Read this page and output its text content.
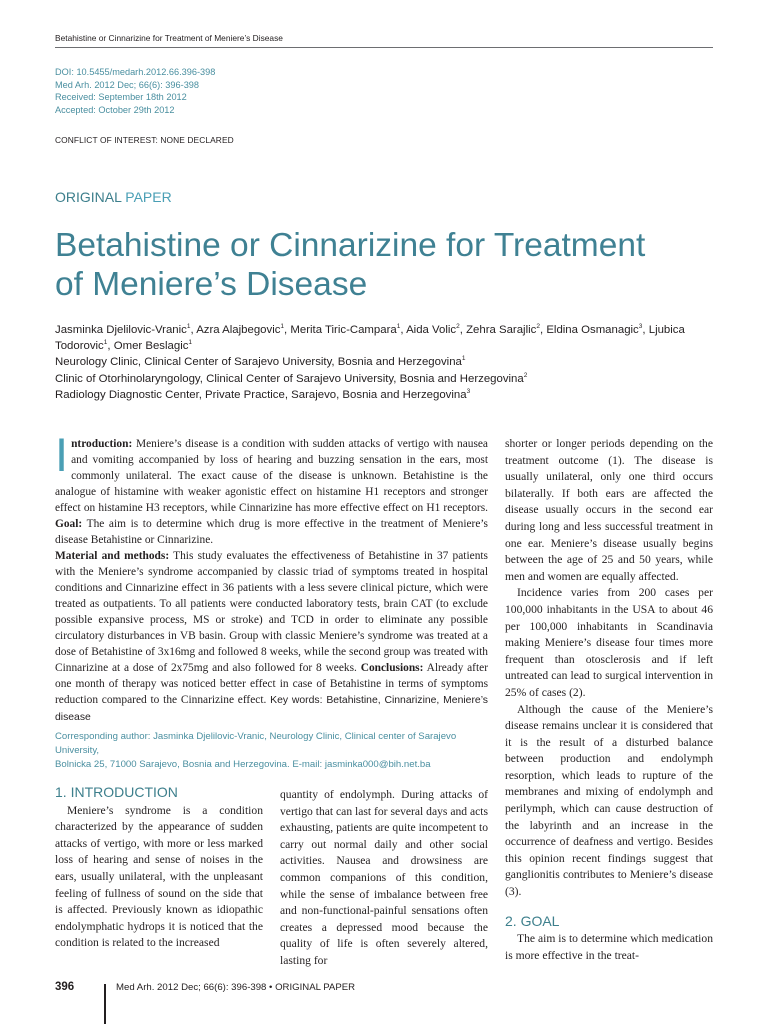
Betahistine or Cinnarizine for Treatment of Meniere’s Disease
DOI: 10.5455/medarh.2012.66.396-398
Med Arh. 2012 Dec; 66(6): 396-398
Received: September 18th 2012
Accepted: October 29th 2012
CONFLICT OF INTEREST: NONE DECLARED
ORIGINAL PAPER
Betahistine or Cinnarizine for Treatment
of Meniere’s Disease
Jasminka Djelilovic-Vranic$^1$, Azra Alajbegovic$^1$, Merita Tiric-Campara$^1$, Aida Volic$^2$, Zehra Sarajlic$^2$, Eldina Osmanagic$^3$, Ljubica Todorovic$^1$, Omer Beslagic$^1$
Neurology Clinic, Clinical Center of Sarajevo University, Bosnia and Herzegovina$^1$
Clinic of Otorhinolaryngology, Clinical Center of Sarajevo University, Bosnia and Herzegovina$^2$
Radiology Diagnostic Center, Private Practice, Sarajevo, Bosnia and Herzegovina$^3$

Introduction: Meniere’s disease is a condition with sudden attacks of vertigo with nausea and vomiting accompanied by loss of hearing and buzzing sensation in the ears, most commonly unilateral. The exact cause of the disease is unknown. Betahistine is the analogue of histamine with weaker agonistic effect on histamine H1 receptors and stronger effect on histamine H3 receptors, while Cinnarizine has more effective effect on H1 receptors. Goal: The aim is to determine which drug is more effective in the treatment of Meniere’s disease Betahistine or Cinnarizine.

Material and methods: This study evaluates the effectiveness of Betahistine in 37 patients with the Meniere’s syndrome accompanied by classic triad of symptoms treated in hospital conditions and Cinnarizine effect in 36 patients with a less severe clinical picture, which were treated as outpatients. To all patients were conducted laboratory tests, brain CAT (to exclude possible expansive process, MS or stroke) and TCD in order to eliminate any possible circulatory disturbances in VB basin. Group with classic Meniere’s syndrome was treated at a dose of Betahistine of 3x16mg and followed 8 weeks, while the second group was treated with Cinnarizine at a dose of 2x75mg and also followed for 8 weeks. Conclusions: Already after one month of therapy was noticed better effect in case of Betahistine in terms of symptoms reduction compared to the Cinnarizine effect. Key words: Betahistine, Cinnarizine, Meniere’s disease

Corresponding author: Jasminka Djelilovic-Vranic, Neurology Clinic, Clinical center of Sarajevo University,
Bolnicka 25, 71000 Sarajevo, Bosnia and Herzegovina. E-mail: jasminka000@bih.net.ba
1. INTRODUCTION

Meniere’s syndrome is a condition characterized by the appearance of sudden attacks of vertigo, with more or less marked loss of hearing and sense of noises in the ears, usually unilateral, with the unpleasant feeling of fullness of sound on the side that is affected. Previously known as idiopathic endolymphatic hydrops it is noticed that the condition is related to the increased

quantity of endolymph. During attacks of vertigo that can last for several days and acts exhausting, patients are quite incompetent to carry out normal daily and other social activities. Nausea and drowsiness are common companions of this condition, while the sense of imbalance between free and non-functional-painful sensations often creates a depressed mood because the quality of life is often severely altered, lasting for

shorter or longer periods depending on the treatment outcome (1). The disease is usually unilateral, only one third occurs bilaterally. If both ears are affected the disease usually occurs in the second ear during long and less successful treatment in one ear. Meniere’s disease usually begins between the age of 25 and 50 years, while men and women are equally affected.

Incidence varies from 200 cases per 100,000 inhabitants in the USA to about 46 per 100,000 inhabitants in Scandinavia making Meniere’s disease four times more frequent than otosclerosis and if left untreated can lead to surgical intervention in 25% of cases (2).

Although the cause of the Meniere’s disease remains unclear it is considered that it is the result of a disturbed balance between production and endolymph resorption, which leads to rupture of the membranes and mixing of endolymph and perilymph, which can cause destruction of the labyrinth and an increase in the occurrence of deafness and vertigo. Besides this opinion recent findings suggest that ganglionitis contributes to Meniere’s disease (3).

2. GOAL

The aim is to determine which medication is more effective in the treat-

396	Med Arh. 2012 Dec; 66(6): 396-398 • ORIGINAL PAPER
